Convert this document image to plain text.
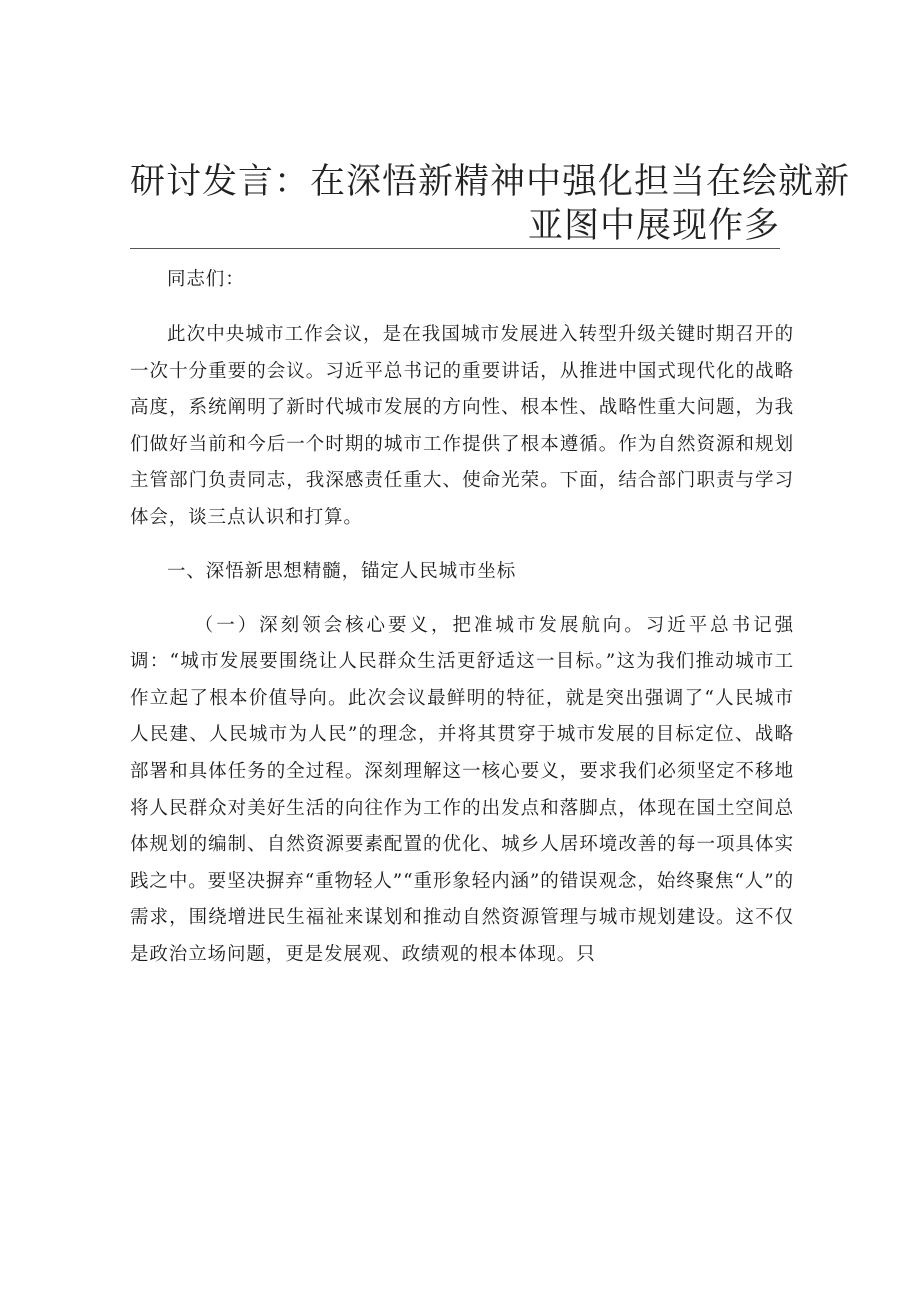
研讨发言：在深悟新精神中强化担当在绘就新
亚图中展现作多

同志们：

此次中央城市工作会议，是在我国城市发展进入转型升级关键时期召开的一次十分重要的会议。习近平总书记的重要讲话，从推进中国式现代化的战略高度，系统阐明了新时代城市发展的方向性、根本性、战略性重大问题，为我们做好当前和今后一个时期的城市工作提供了根本遵循。作为自然资源和规划主管部门负责同志，我深感责任重大、使命光荣。下面，结合部门职责与学习体会，谈三点认识和打算。

一、深悟新思想精髓，锚定人民城市坐标

（一）深刻领会核心要义，把准城市发展航向。习近平总书记强调：“城市发展要围绕让人民群众生活更舒适这一目标。”这为我们推动城市工作立起了根本价值导向。此次会议最鲜明的特征，就是突出强调了“人民城市人民建、人民城市为人民”的理念，并将其贯穿于城市发展的目标定位、战略部署和具体任务的全过程。深刻理解这一核心要义，要求我们必须坚定不移地将人民群众对美好生活的向往作为工作的出发点和落脚点，体现在国土空间总体规划的编制、自然资源要素配置的优化、城乡人居环境改善的每一项具体实践之中。要坚决摒弃“重物轻人”“重形象轻内涵”的错误观念，始终聚焦“人”的需求，围绕增进民生福祉来谋划和推动自然资源管理与城市规划建设。这不仅是政治立场问题，更是发展观、政绩观的根本体现。只
